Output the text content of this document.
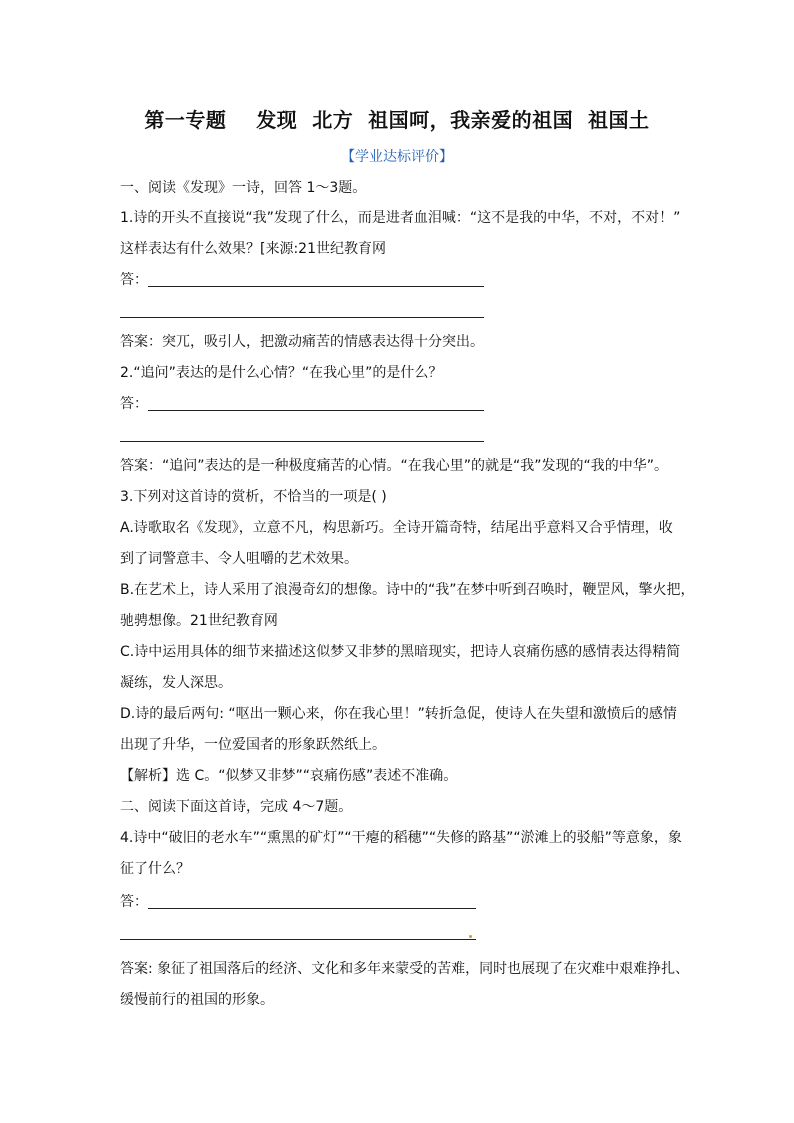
第一专题    发现  北方  祖国呵，我亲爱的祖国  祖国土
【学业达标评价】
一、阅读《发现》一诗，回答 1～3题。
1.诗的开头不直接说“我”发现了什么，而是进者血泪喊：“这不是我的中华，不对，不对！”
这样表达有什么效果？[来源:21世纪教育网
答：
答案：突兀，吸引人，把激动痛苦的情感表达得十分突出。
2.“追问”表达的是什么心情？“在我心里”的是什么？
答：
答案：“追问”表达的是一种极度痛苦的心情。“在我心里”的就是“我”发现的“我的中华”。
3.下列对这首诗的赏析，不恰当的一项是( )
A.诗歌取名《发现》，立意不凡，构思新巧。全诗开篇奇特，结尾出乎意料又合乎情理，收
到了词警意丰、令人咀嚼的艺术效果。
B.在艺术上，诗人采用了浪漫奇幻的想像。诗中的“我”在梦中听到召唤时，鞭罡风，擎火把，
驰骋想像。21世纪教育网
C.诗中运用具体的细节来描述这似梦又非梦的黑暗现实，把诗人哀痛伤感的感情表达得精简
凝练，发人深思。
D.诗的最后两句: “呕出一颗心来，你在我心里！”转折急促，使诗人在失望和激愤后的感情
出现了升华，一位爱国者的形象跃然纸上。
【解析】选 C。“似梦又非梦”“哀痛伤感”表述不准确。
二、阅读下面这首诗，完成 4～7题。
4.诗中“破旧的老水车”“熏黑的矿灯”“干瘪的稻穗”“失修的路基”“淤滩上的驳船”等意象，象
征了什么？
答：
答案: 象征了祖国落后的经济、文化和多年来蒙受的苦难，同时也展现了在灾难中艰难挣扎、
缓慢前行的祖国的形象。
